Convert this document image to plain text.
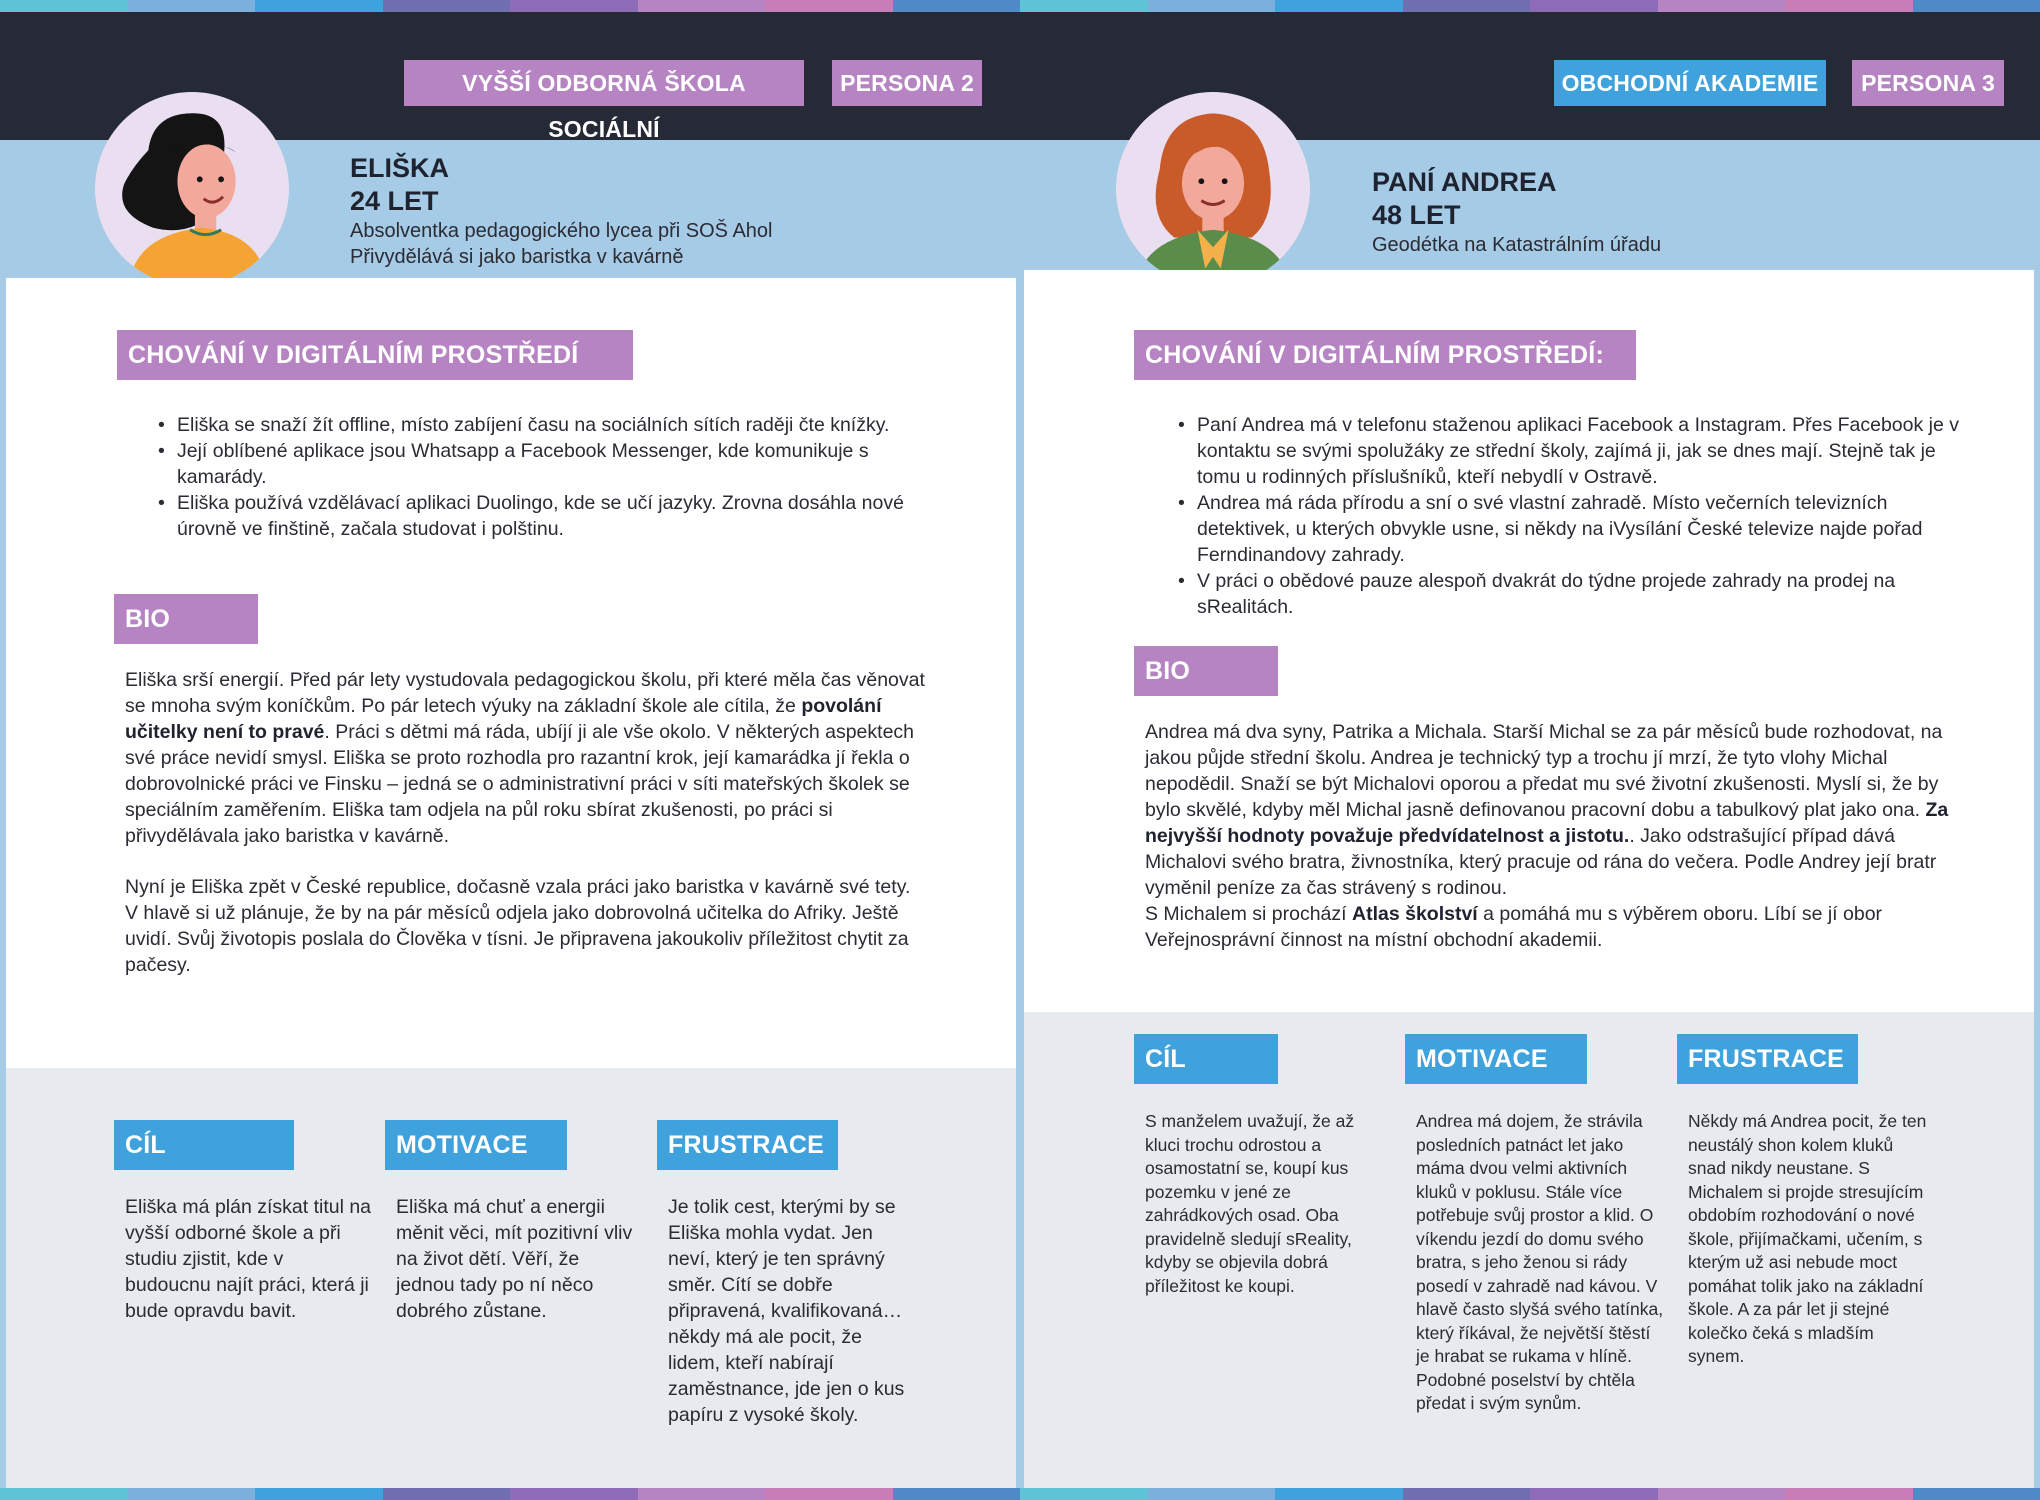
VYŠŠÍ ODBORNÁ ŠKOLA SOCIÁLNÍ
PERSONA 2
ELIŠKA
24 LET
Absolventka pedagogického lycea při SOŠ Ahol
Přivydělává si jako baristka v kavárně
CHOVÁNÍ V DIGITÁLNÍM PROSTŘEDÍ
• Eliška se snaží žít offline, místo zabíjení času na sociálních sítích raději čte knížky.
• Její oblíbené aplikace jsou Whatsapp a Facebook Messenger, kde komunikuje s kamarády.
• Eliška používá vzdělávací aplikaci Duolingo, kde se učí jazyky. Zrovna dosáhla nové úrovně ve finštině, začala studovat i polštinu.
BIO
Eliška srší energií. Před pár lety vystudovala pedagogickou školu, při které měla čas věnovat se mnoha svým koníčkům. Po pár letech výuky na základní škole ale cítila, že povolání učitelky není to pravé. Práci s dětmi má ráda, ubíjí ji ale vše okolo. V některých aspektech své práce nevidí smysl. Eliška se proto rozhodla pro razantní krok, její kamarádka jí řekla o dobrovolnické práci ve Finsku – jedná se o administrativní práci v síti mateřských školek se speciálním zaměřením. Eliška tam odjela na půl roku sbírat zkušenosti, po práci si přivydělávala jako baristka v kavárně.
Nyní je Eliška zpět v České republice, dočasně vzala práci jako baristka v kavárně své tety. V hlavě si už plánuje, že by na pár měsíců odjela jako dobrovolná učitelka do Afriky. Ještě uvidí. Svůj životopis poslala do Člověka v tísni. Je připravena jakoukoliv příležitost chytit za pačesy.
CÍL	MOTIVACE	FRUSTRACE
Eliška má plán získat titul na vyšší odborné škole a při studiu zjistit, kde v budoucnu najít práci, která ji bude opravdu bavit.
Eliška má chuť a energii měnit věci, mít pozitivní vliv na život dětí. Věří, že jednou tady po ní něco dobrého zůstane.
Je tolik cest, kterými by se Eliška mohla vydat. Jen neví, který je ten správný směr. Cítí se dobře připravená, kvalifikovaná… někdy má ale pocit, že lidem, kteří nabírají zaměstnance, jde jen o kus papíru z vysoké školy.
OBCHODNÍ AKADEMIE	PERSONA 3
PANÍ ANDREA
48 LET
Geodétka na Katastrálním úřadu
CHOVÁNÍ V DIGITÁLNÍM PROSTŘEDÍ:
• Paní Andrea má v telefonu staženou aplikaci Facebook a Instagram. Přes Facebook je v kontaktu se svými spolužáky ze střední školy, zajímá ji, jak se dnes mají. Stejně tak je tomu u rodinných příslušníků, kteří nebydlí v Ostravě.
• Andrea má ráda přírodu a sní o své vlastní zahradě. Místo večerních televizních detektivek, u kterých obvykle usne, si někdy na iVysílání České televize najde pořad Ferndinandovy zahrady.
• V práci o obědové pauze alespoň dvakrát do týdne projede zahrady na prodej na sRealitách.
BIO
Andrea má dva syny, Patrika a Michala. Starší Michal se za pár měsíců bude rozhodovat, na jakou půjde střední školu. Andrea je technický typ a trochu jí mrzí, že tyto vlohy Michal nepodědil. Snaží se být Michalovi oporou a předat mu své životní zkušenosti. Myslí si, že by bylo skvělé, kdyby měl Michal jasně definovanou pracovní dobu a tabulkový plat jako ona. Za nejvyšší hodnoty považuje předvídatelnost a jistotu.. Jako odstrašující případ dává Michalovi svého bratra, živnostníka, který pracuje od rána do večera. Podle Andrey její bratr vyměnil peníze za čas strávený s rodinou.
S Michalem si prochází Atlas školství a pomáhá mu s výběrem oboru. Líbí se jí obor Veřejnosprávní činnost na místní obchodní akademii.
CÍL	MOTIVACE	FRUSTRACE
S manželem uvažují, že až kluci trochu odrostou a osamostatní se, koupí kus pozemku v jené ze zahrádkových osad. Oba pravidelně sledují sReality, kdyby se objevila dobrá příležitost ke koupi.
Andrea má dojem, že strávila posledních patnáct let jako máma dvou velmi aktivních kluků v poklusu. Stále více potřebuje svůj prostor a klid. O víkendu jezdí do domu svého bratra, s jeho ženou si rády posedí v zahradě nad kávou. V hlavě často slyšá svého tatínka, který říkával, že největší štěstí je hrabat se rukama v hlíně. Podobné poselství by chtěla předat i svým synům.
Někdy má Andrea pocit, že ten neustálý shon kolem kluků snad nikdy neustane. S Michalem si projde stresujícím obdobím rozhodování o nové škole, přijímačkami, učením, s kterým už asi nebude moct pomáhat tolik jako na základní škole. A za pár let ji stejné kolečko čeká s mladším synem.
